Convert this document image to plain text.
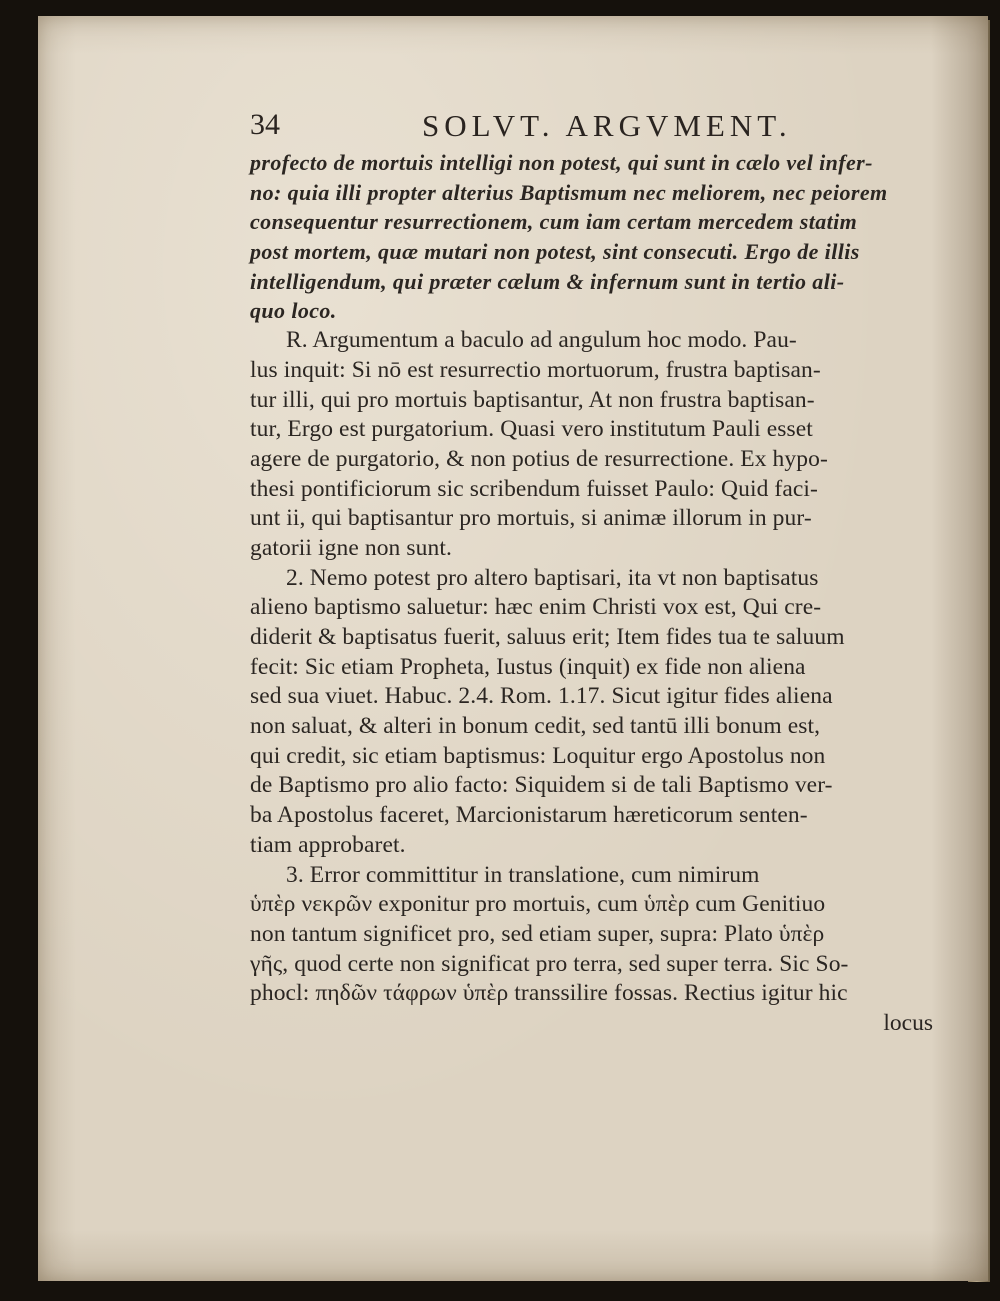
34	SOLVT. ARGVMENT.
profecto de mortuis intelligi non potest, qui sunt in cælo vel infer-
no: quia illi propter alterius Baptismum nec meliorem, nec peiorem
consequentur resurrectionem, cum iam certam mercedem statim
post mortem, quæ mutari non potest, sint consecuti. Ergo de illis
intelligendum, qui præter cælum & infernum sunt in tertio ali-
quo loco.
R. Argumentum a baculo ad angulum hoc modo. Pau-
lus inquit: Si nō est resurrectio mortuorum, frustra baptisan-
tur illi, qui pro mortuis baptisantur, At non frustra baptisan-
tur, Ergo est purgatorium. Quasi vero institutum Pauli esset
agere de purgatorio, & non potius de resurrectione. Ex hypo-
thesi pontificiorum sic scribendum fuisset Paulo: Quid faci-
unt ii, qui baptisantur pro mortuis, si animæ illorum in pur-
gatorii igne non sunt.
2. Nemo potest pro altero baptisari, ita vt non baptisatus
alieno baptismo saluetur: hæc enim Christi vox est, Qui cre-
diderit & baptisatus fuerit, saluus erit; Item fides tua te saluum
fecit: Sic etiam Propheta, Iustus (inquit) ex fide non aliena
sed sua viuet. Habuc. 2.4. Rom. 1.17. Sicut igitur fides aliena
non saluat, & alteri in bonum cedit, sed tantū illi bonum est,
qui credit, sic etiam baptismus: Loquitur ergo Apostolus non
de Baptismo pro alio facto: Siquidem si de tali Baptismo ver-
ba Apostolus faceret, Marcionistarum hæreticorum senten-
tiam approbaret.
3. Error committitur in translatione, cum nimirum
ὑπὲρ νεκρῶν exponitur pro mortuis, cum ὑπὲρ cum Genitiuo
non tantum significet pro, sed etiam super, supra: Plato ὑπὲρ
γῆς, quod certe non significat pro terra, sed super terra. Sic So-
phocl: πηδῶν τάφρων ὑπὲρ transsilire fossas. Rectius igitur hic
locus
